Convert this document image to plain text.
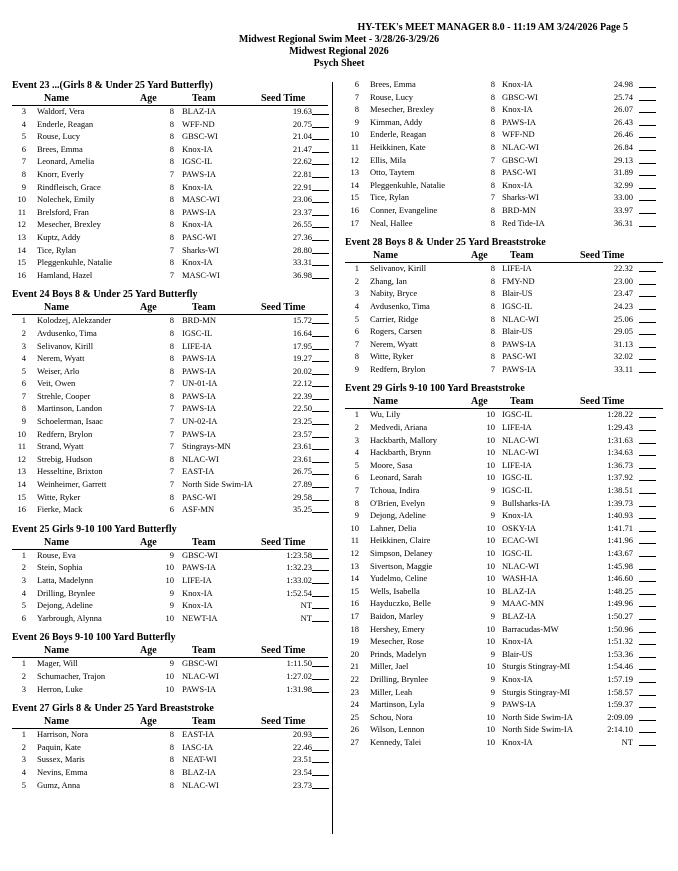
HY-TEK's MEET MANAGER 8.0 - 11:19 AM 3/24/2026 Page 5
Midwest Regional Swim Meet - 3/28/26-3/29/26
Midwest Regional 2026
Psych Sheet
Event 23 ...(Girls 8 & Under 25 Yard Butterfly)
Name	Age	Team	Seed Time
3 Waldorf, Vera	8 BLAZ-IA	19.63
4 Enderle, Reagan	8 WFF-ND	20.75
5 Rouse, Lucy	8 GBSC-WI	21.04
6 Brees, Emma	8 Knox-IA	21.47
7 Leonard, Amelia	8 IGSC-IL	22.62
8 Knorr, Everly	7 PAWS-IA	22.81
9 Rindfleisch, Grace	8 Knox-IA	22.91
10 Nolechek, Emily	8 MASC-WI	23.06
11 Brelsford, Fran	8 PAWS-IA	23.37
12 Mesecher, Brexley	8 Knox-IA	26.55
13 Kuptz, Addy	8 PASC-WI	27.36
14 Tice, Rylan	7 Sharks-WI	28.80
15 Pleggenkuhle, Natalie	8 Knox-IA	33.31
16 Hamland, Hazel	7 MASC-WI	36.98
Event 24 Boys 8 & Under 25 Yard Butterfly
Name	Age	Team	Seed Time
1 Kolodzej, Alekzander	8 BRD-MN	15.72
2 Avdusenko, Tima	8 IGSC-IL	16.64
3 Selivanov, Kirill	8 LIFE-IA	17.95
4 Nerem, Wyatt	8 PAWS-IA	19.27
5 Weiser, Arlo	8 PAWS-IA	20.02
6 Veit, Owen	7 UN-01-IA	22.12
7 Strehle, Cooper	8 PAWS-IA	22.39
8 Martinson, Landon	7 PAWS-IA	22.50
9 Schoelerman, Isaac	7 UN-02-IA	23.25
10 Redfern, Brylon	7 PAWS-IA	23.57
11 Strand, Wyatt	7 Stingrays-MN	23.61
12 Strebig, Hudson	8 NLAC-WI	23.61
13 Hesseltine, Brixton	7 EAST-IA	26.75
14 Weinheimer, Garrett	7 North Side Swim-IA	27.89
15 Witte, Ryker	8 PASC-WI	29.58
16 Fierke, Mack	6 ASF-MN	35.25
Event 25 Girls 9-10 100 Yard Butterfly
Name	Age	Team	Seed Time
1 Rouse, Eva	9 GBSC-WI	1:23.58
2 Stein, Sophia	10 PAWS-IA	1:32.23
3 Latta, Madelynn	10 LIFE-IA	1:33.02
4 Drilling, Brynlee	9 Knox-IA	1:52.54
5 Dejong, Adeline	9 Knox-IA	NT
6 Yarbrough, Alynna	10 NEWT-IA	NT
Event 26 Boys 9-10 100 Yard Butterfly
Name	Age	Team	Seed Time
1 Mager, Will	9 GBSC-WI	1:11.50
2 Schumacher, Trajon	10 NLAC-WI	1:27.02
3 Herron, Luke	10 PAWS-IA	1:31.98
Event 27 Girls 8 & Under 25 Yard Breaststroke
Name	Age	Team	Seed Time
1 Harrison, Nora	8 EAST-IA	20.93
2 Paquin, Kate	8 IASC-IA	22.46
3 Sussex, Maris	8 NEAT-WI	23.51
4 Nevins, Emma	8 BLAZ-IA	23.54
5 Gumz, Anna	8 NLAC-WI	23.73
6 Brees, Emma	8 Knox-IA	24.98
7 Rouse, Lucy	8 GBSC-WI	25.74
8 Mesecher, Brexley	8 Knox-IA	26.07
9 Kimman, Addy	8 PAWS-IA	26.43
10 Enderle, Reagan	8 WFF-ND	26.46
11 Heikkinen, Kate	8 NLAC-WI	26.84
12 Ellis, Mila	7 GBSC-WI	29.13
13 Otto, Taytem	8 PASC-WI	31.89
14 Pleggenkuhle, Natalie	8 Knox-IA	32.99
15 Tice, Rylan	7 Sharks-WI	33.00
16 Conner, Evangeline	8 BRD-MN	33.97
17 Neal, Hallee	8 Red Tide-IA	36.31
Event 28 Boys 8 & Under 25 Yard Breaststroke
Name	Age Team	Seed Time
1 Selivanov, Kirill	8 LIFE-IA	22.32
2 Zhang, Ian	8 FMY-ND	23.00
3 Nabity, Bryce	8 Blair-US	23.47
4 Avdusenko, Tima	8 IGSC-IL	24.23
5 Carrier, Ridge	8 NLAC-WI	25.06
6 Rogers, Carsen	8 Blair-US	29.05
7 Nerem, Wyatt	8 PAWS-IA	31.13
8 Witte, Ryker	8 PASC-WI	32.02
9 Redfern, Brylon	7 PAWS-IA	33.11
Event 29 Girls 9-10 100 Yard Breaststroke
Name	Age Team	Seed Time
1 Wu, Lily	10 IGSC-IL	1:28.22
2 Medvedi, Ariana	10 LIFE-IA	1:29.43
3 Hackbarth, Mallory	10 NLAC-WI	1:31.63
4 Hackbarth, Brynn	10 NLAC-WI	1:34.63
5 Moore, Sasa	10 LIFE-IA	1:36.73
6 Leonard, Sarah	10 IGSC-IL	1:37.92
7 Tchoua, Indira	9 IGSC-IL	1:38.51
8 O'Brien, Evelyn	9 Bullsharks-IA	1:39.73
9 Dejong, Adeline	9 Knox-IA	1:40.93
10 Lahner, Delia	10 OSKY-IA	1:41.71
11 Heikkinen, Claire	10 ECAC-WI	1:41.96
12 Simpson, Delaney	10 IGSC-IL	1:43.67
13 Sivertson, Maggie	10 NLAC-WI	1:45.98
14 Yudelmo, Celine	10 WASH-IA	1:46.60
15 Wells, Isabella	10 BLAZ-IA	1:48.25
16 Hayduczko, Belle	9 MAAC-MN	1:49.96
17 Baidon, Marley	9 BLAZ-IA	1:50.27
18 Hershey, Emery	10 Barracudas-MW	1:50.96
19 Mesecher, Rose	10 Knox-IA	1:51.32
20 Prinds, Madelyn	9 Blair-US	1:53.36
21 Miller, Jael	10 Sturgis Stingray-MI	1:54.46
22 Drilling, Brynlee	9 Knox-IA	1:57.19
23 Miller, Leah	9 Sturgis Stingray-MI	1:58.57
24 Martinson, Lyla	9 PAWS-IA	1:59.37
25 Schou, Nora	10 North Side Swim-IA	2:09.09
26 Wilson, Lennon	10 North Side Swim-IA	2:14.10
27 Kennedy, Talei	10 Knox-IA	NT
